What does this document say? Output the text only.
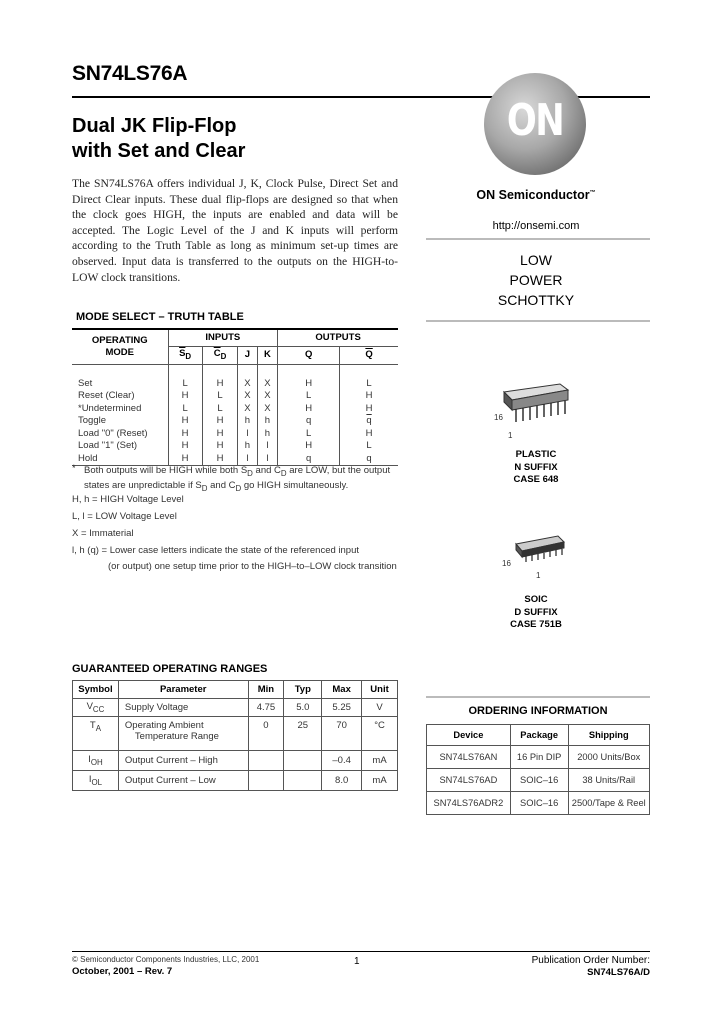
SN74LS76A
Dual JK Flip-Flop
with Set and Clear
The SN74LS76A offers individual J, K, Clock Pulse, Direct Set and Direct Clear inputs. These dual flip-flops are designed so that when the clock goes HIGH, the inputs are enabled and data will be accepted. The Logic Level of the J and K inputs will perform according to the Truth Table as long as minimum set-up times are observed. Input data is transferred to the outputs on the HIGH-to-LOW clock transitions.
ON
ON Semiconductor™
http://onsemi.com
LOW
POWER
SCHOTTKY
16
1
PLASTIC
N SUFFIX
CASE 648
16
1
SOIC
D SUFFIX
CASE 751B
MODE SELECT – TRUTH TABLE
OPERATING
MODE	INPUTS				OUTPUTS	
	$\overline{S}_D$	$\overline{C}_D$	J	K	Q	$\overline{Q}$

Set	L	H	X	X	H	L
Reset (Clear)	H	L	X	X	L	H
*Undetermined	L	L	X	X	H	H
Toggle	H	H	h	h	q	$\overline{q}$
Load "0" (Reset)	H	H	l	h	L	H
Load "1" (Set)	H	H	h	l	H	L
Hold	H	H	l	l	q	q
* Both outputs will be HIGH while both $S_D$ and $C_D$ are LOW, but the output
states are unpredictable if $S_D$ and $C_D$ go HIGH simultaneously.
H, h = HIGH Voltage Level
L, l = LOW Voltage Level
X = Immaterial
l, h (q) = Lower case letters indicate the state of the referenced input
(or output) one setup time prior to the HIGH–to–LOW clock transition
GUARANTEED OPERATING RANGES
Symbol	Parameter	Min	Typ	Max	Unit
$V_{CC}$	Supply Voltage	4.75	5.0	5.25	V
$T_A$	Operating Ambient
Temperature Range	0	25	70	°C
$I_{OH}$	Output Current – High			–0.4	mA
$I_{OL}$	Output Current – Low			8.0	mA
ORDERING INFORMATION
Device	Package	Shipping
SN74LS76AN	16 Pin DIP	2000 Units/Box
SN74LS76AD	SOIC–16	38 Units/Rail
SN74LS76ADR2	SOIC–16	2500/Tape & Reel
© Semiconductor Components Industries, LLC, 2001
October, 2001 – Rev. 7
1	Publication Order Number:
SN74LS76A/D
